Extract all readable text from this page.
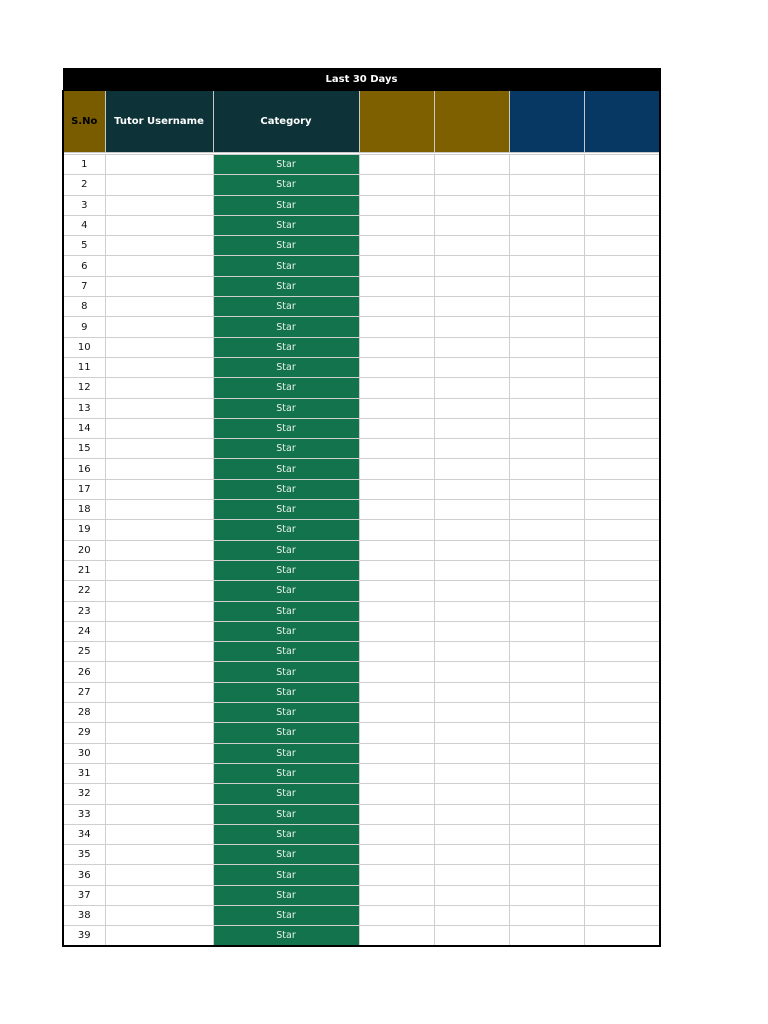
Last 30 Days						
S.No	Tutor Username	Category				

1		Star				
2		Star				
3		Star				
4		Star				
5		Star				
6		Star				
7		Star				
8		Star				
9		Star				
10		Star				
11		Star				
12		Star				
13		Star				
14		Star				
15		Star				
16		Star				
17		Star				
18		Star				
19		Star				
20		Star				
21		Star				
22		Star				
23		Star				
24		Star				
25		Star				
26		Star				
27		Star				
28		Star				
29		Star				
30		Star				
31		Star				
32		Star				
33		Star				
34		Star				
35		Star				
36		Star				
37		Star				
38		Star				
39		Star				
